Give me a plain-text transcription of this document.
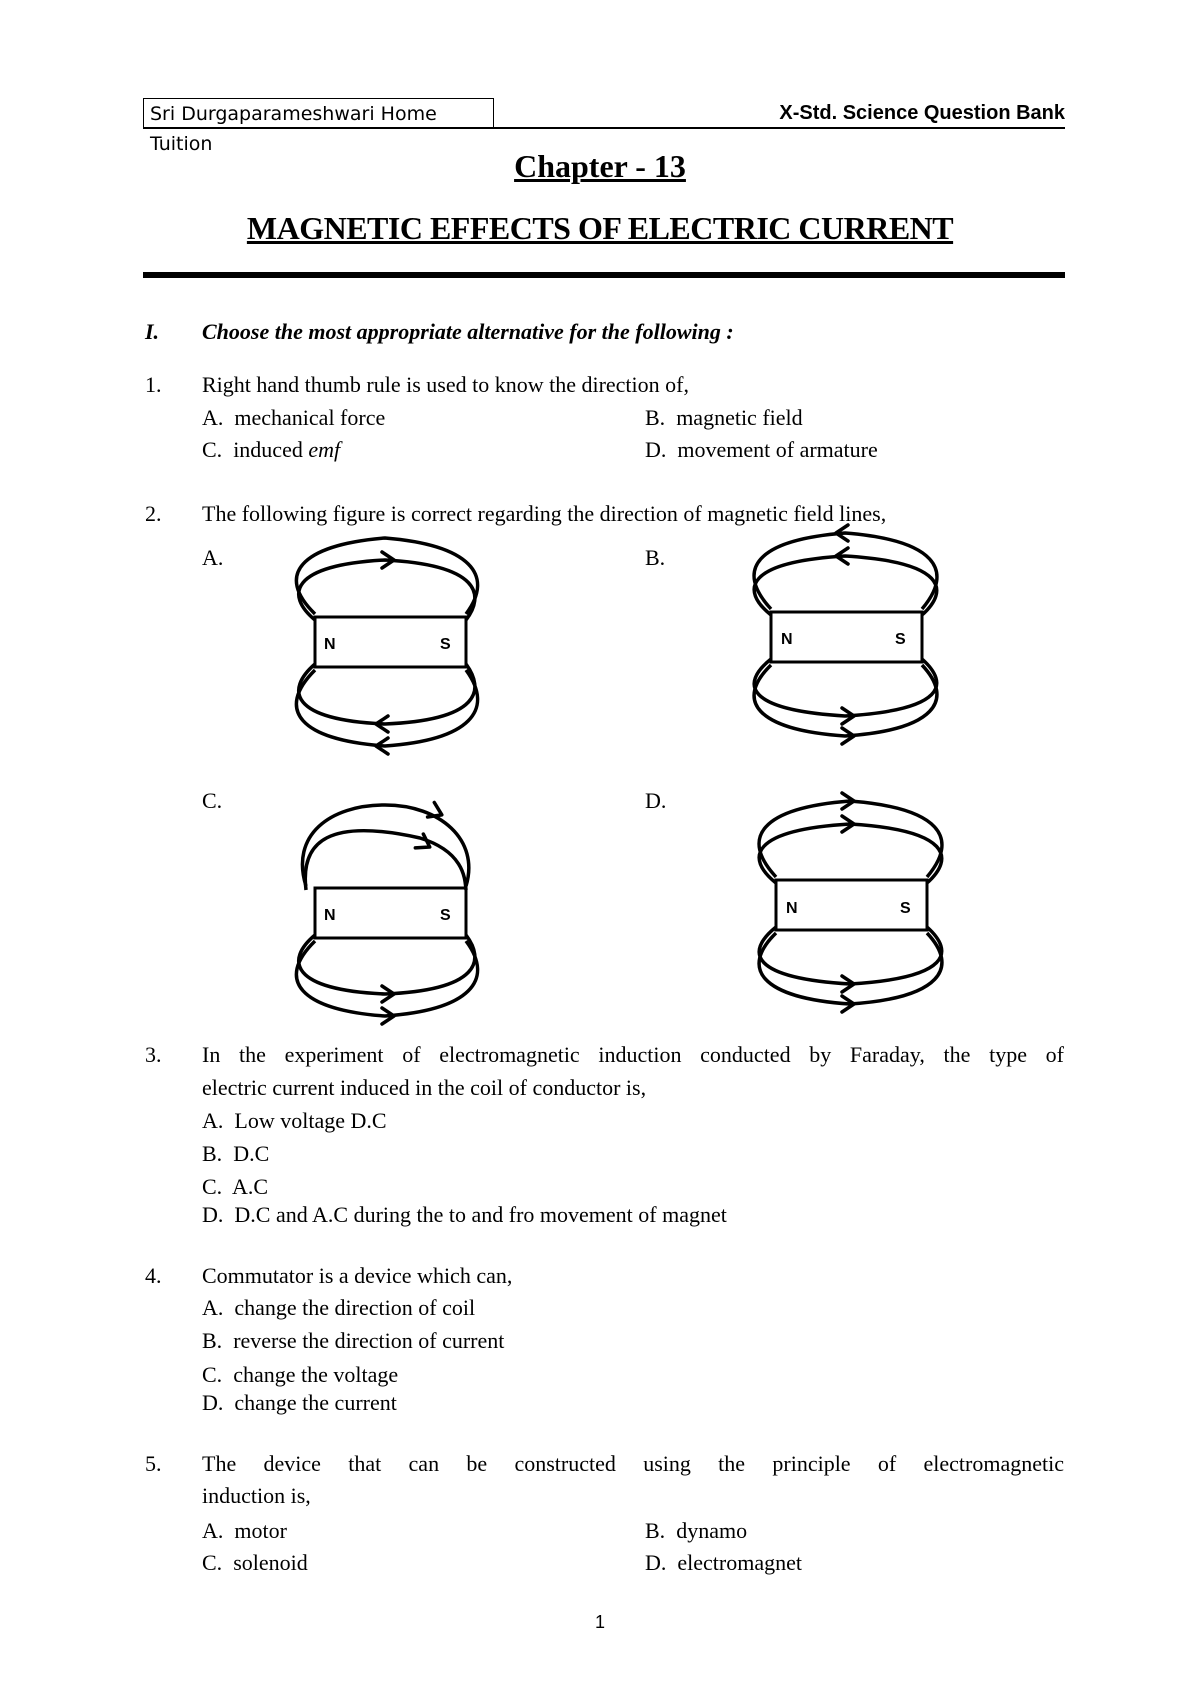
Sri Durgaparameshwari Home Tuition
X-Std. Science Question Bank
Chapter - 13
MAGNETIC EFFECTS OF ELECTRIC CURRENT
I. Choose the most appropriate alternative for the following :
1. Right hand thumb rule is used to know the direction of,
A. mechanical force	B. magnetic field
C. induced emf	D. movement of armature
2. The following figure is correct regarding the direction of magnetic field lines,
A.	B.
C.	D.
N	S	N	S
N	S	N	S
3. In the experiment of electromagnetic induction conducted by Faraday, the type of
electric current induced in the coil of conductor is,
A. Low voltage D.C
B. D.C
C. A.C
D. D.C and A.C during the to and fro movement of magnet
4. Commutator is a device which can,
A. change the direction of coil
B. reverse the direction of current
C. change the voltage
D. change the current
5. The device that can be constructed using the principle of electromagnetic
induction is,
A. motor	B. dynamo
C. solenoid	D. electromagnet
1
